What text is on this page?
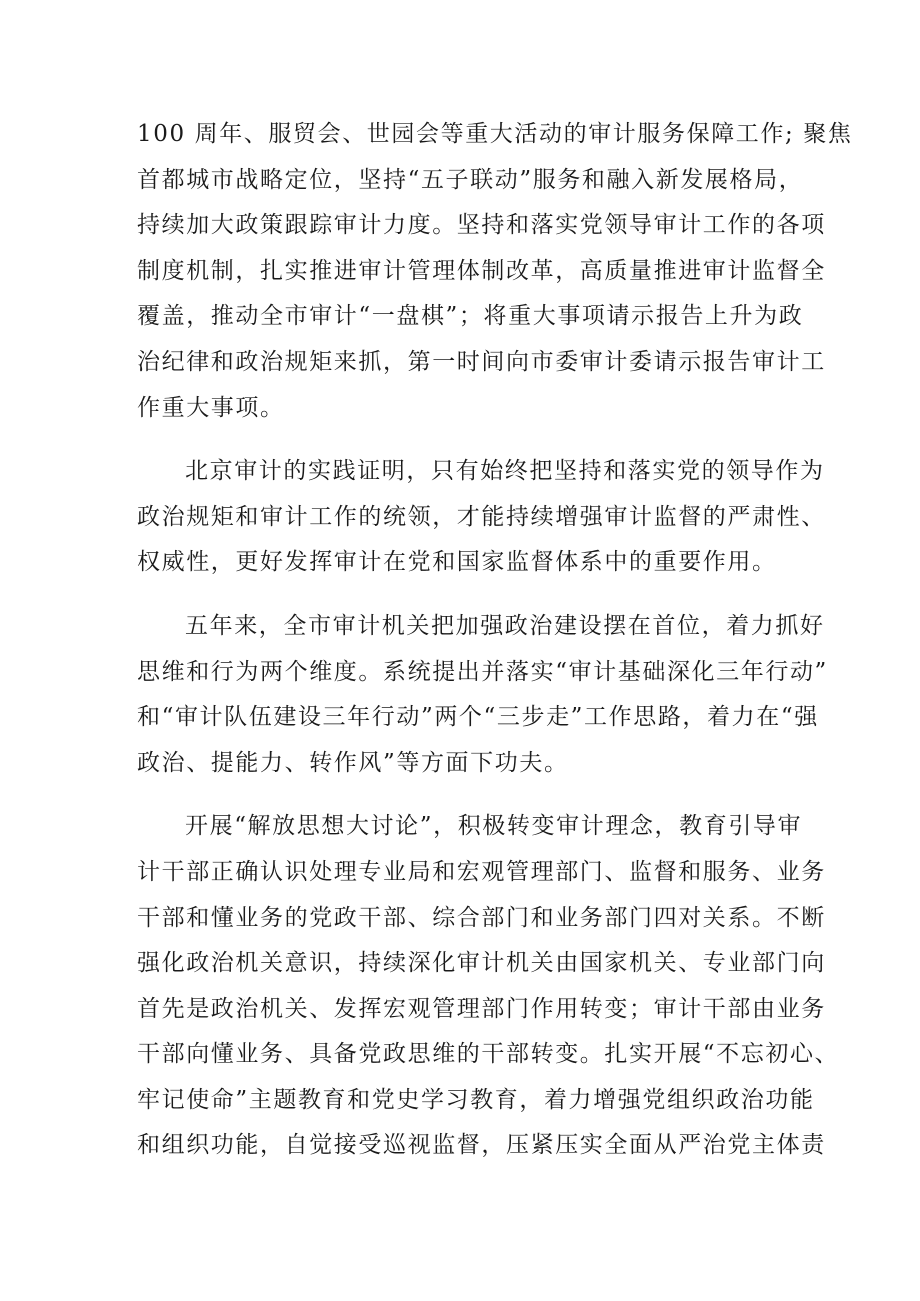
100 周年、服贸会、世园会等重大活动的审计服务保障工作; 聚焦
首都城市战略定位，坚持“五子联动”服务和融入新发展格局，
持续加大政策跟踪审计力度。坚持和落实党领导审计工作的各项
制度机制，扎实推进审计管理体制改革，高质量推进审计监督全
覆盖，推动全市审计“一盘棋”；将重大事项请示报告上升为政
治纪律和政治规矩来抓，第一时间向市委审计委请示报告审计工
作重大事项。
北京审计的实践证明，只有始终把坚持和落实党的领导作为
政治规矩和审计工作的统领，才能持续增强审计监督的严肃性、
权威性，更好发挥审计在党和国家监督体系中的重要作用。
五年来，全市审计机关把加强政治建设摆在首位，着力抓好
思维和行为两个维度。系统提出并落实“审计基础深化三年行动”
和“审计队伍建设三年行动”两个“三步走”工作思路，着力在“强
政治、提能力、转作风”等方面下功夫。
开展“解放思想大讨论”，积极转变审计理念，教育引导审
计干部正确认识处理专业局和宏观管理部门、监督和服务、业务
干部和懂业务的党政干部、综合部门和业务部门四对关系。不断
强化政治机关意识，持续深化审计机关由国家机关、专业部门向
首先是政治机关、发挥宏观管理部门作用转变；审计干部由业务
干部向懂业务、具备党政思维的干部转变。扎实开展“不忘初心、
牢记使命”主题教育和党史学习教育，着力增强党组织政治功能
和组织功能，自觉接受巡视监督，压紧压实全面从严治党主体责
